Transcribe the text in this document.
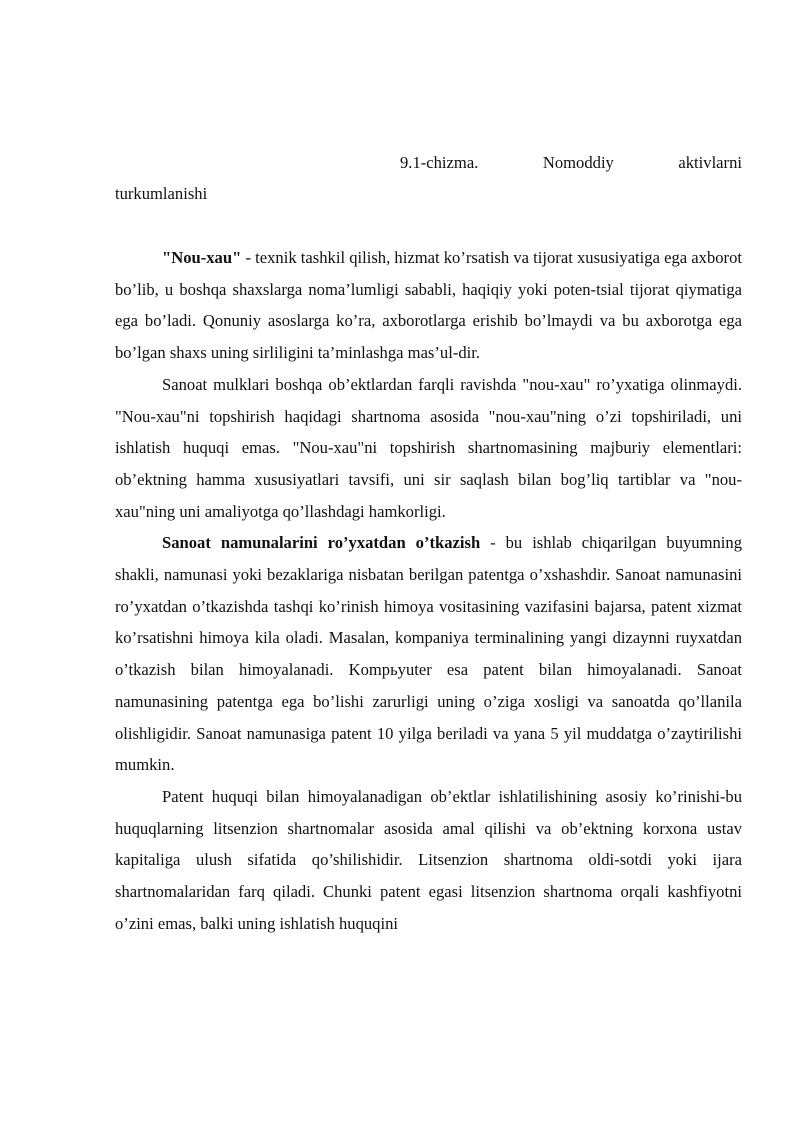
9.1-chizma.	Nomoddiy	aktivlarni
turkumlanishi

"Nou-xau" - texnik tashkil qilish, hizmat ko’rsatish va tijorat xususiyatiga ega axborot bo’lib, u boshqa shaxslarga noma’lumligi sababli, haqiqiy yoki poten-tsial tijorat qiymatiga ega bo’ladi. Qonuniy asoslarga ko’ra, axborotlarga erishib bo’lmaydi va bu axborotga ega bo’lgan shaxs uning sirliligini ta’minlashga mas’ul-dir.

Sanoat mulklari boshqa ob’ektlardan farqli ravishda "nou-xau" ro’yxatiga olinmaydi. "Nou-xau"ni topshirish haqidagi shartnoma asosida "nou-xau"ning o’zi topshiriladi, uni ishlatish huquqi emas. "Nou-xau"ni topshirish shartnomasining majburiy elementlari: ob’ektning hamma xususiyatlari tavsifi, uni sir saqlash bilan bog’liq tartiblar va "nou-xau"ning uni amaliyotga qo’llashdagi hamkorligi.

Sanoat namunalarini ro’yxatdan o’tkazish - bu ishlab chiqarilgan buyumning shakli, namunasi yoki bezaklariga nisbatan berilgan patentga o’xshashdir. Sanoat namunasini ro’yxatdan o’tkazishda tashqi ko’rinish himoya vositasining vazifasini bajarsa, patent xizmat ko’rsatishni himoya kila oladi. Masalan, kompaniya terminalining yangi dizaynni ruyxatdan o’tkazish bilan himoyalanadi. Kompьyuter esa patent bilan himoyalanadi. Sanoat namunasining patentga ega bo’lishi zarurligi uning o’ziga xosligi va sanoatda qo’llanila olishligidir. Sanoat namunasiga patent 10 yilga beriladi va yana 5 yil muddatga o’zaytirilishi mumkin.

Patent huquqi bilan himoyalanadigan ob’ektlar ishlatilishining asosiy ko’rinishi-bu huquqlarning litsenzion shartnomalar asosida amal qilishi va ob’ektning korxona ustav kapitaliga ulush sifatida qo’shilishidir. Litsenzion shartnoma oldi-sotdi yoki ijara shartnomalaridan farq qiladi. Chunki patent egasi litsenzion shartnoma orqali kashfiyotni o’zini emas, balki uning ishlatish huquqini
